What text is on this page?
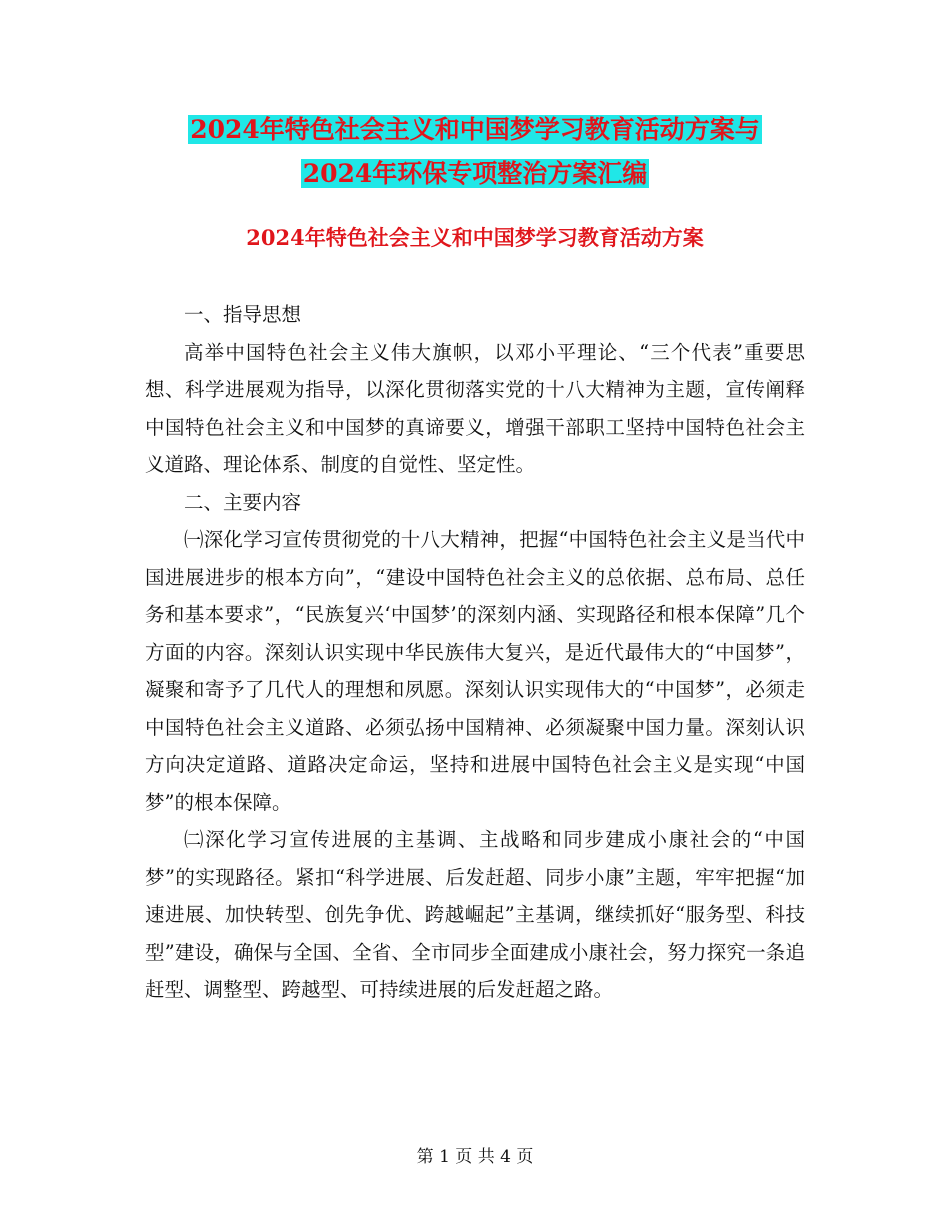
2024年特色社会主义和中国梦学习教育活动方案与
2024年环保专项整治方案汇编
2024年特色社会主义和中国梦学习教育活动方案

一、指导思想

高举中国特色社会主义伟大旗帜，以邓小平理论、“三个代表”重要思想、科学进展观为指导，以深化贯彻落实党的十八大精神为主题，宣传阐释中国特色社会主义和中国梦的真谛要义，增强干部职工坚持中国特色社会主义道路、理论体系、制度的自觉性、坚定性。

二、主要内容

㈠深化学习宣传贯彻党的十八大精神，把握“中国特色社会主义是当代中国进展进步的根本方向”，“建设中国特色社会主义的总依据、总布局、总任务和基本要求”，“民族复兴‘中国梦’的深刻内涵、实现路径和根本保障”几个方面的内容。深刻认识实现中华民族伟大复兴，是近代最伟大的“中国梦”，凝聚和寄予了几代人的理想和夙愿。深刻认识实现伟大的“中国梦”，必须走中国特色社会主义道路、必须弘扬中国精神、必须凝聚中国力量。深刻认识方向决定道路、道路决定命运，坚持和进展中国特色社会主义是实现“中国梦”的根本保障。

㈡深化学习宣传进展的主基调、主战略和同步建成小康社会的“中国梦”的实现路径。紧扣“科学进展、后发赶超、同步小康”主题，牢牢把握“加速进展、加快转型、创先争优、跨越崛起”主基调，继续抓好“服务型、科技型”建设，确保与全国、全省、全市同步全面建成小康社会，努力探究一条追赶型、调整型、跨越型、可持续进展的后发赶超之路。

第 1 页 共 4 页
